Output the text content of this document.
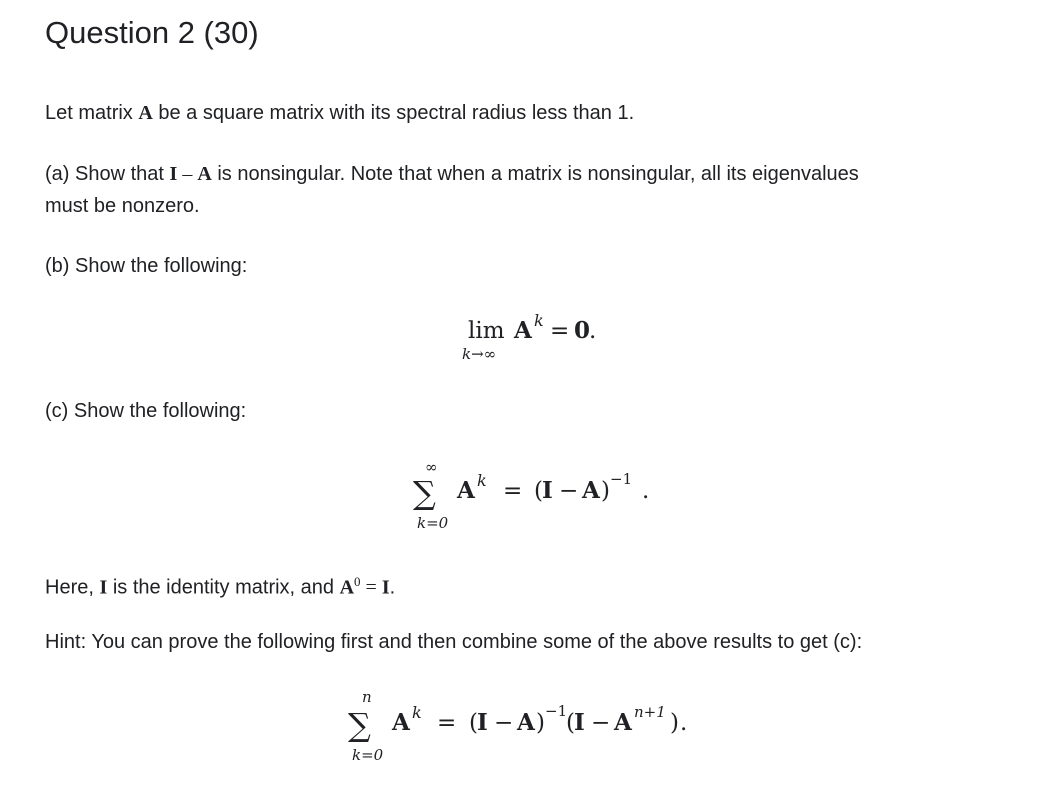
Question 2 (30)

Let matrix A be a square matrix with its spectral radius less than 1.

(a) Show that I – A is nonsingular. Note that when a matrix is nonsingular, all its eigenvalues
must be nonzero.

(b) Show the following:

lim
k→∞
A k = 0
.

(c) Show the following:

∞
∑
k=0
A k = ( I − A ) −1 .

Here, I is the identity matrix, and $A^0 = I$.

Hint: You can prove the following first and then combine some of the above results to get (c):

n
∑
k=0
A k = ( I − A ) −1
( I − A n+1 ) .
